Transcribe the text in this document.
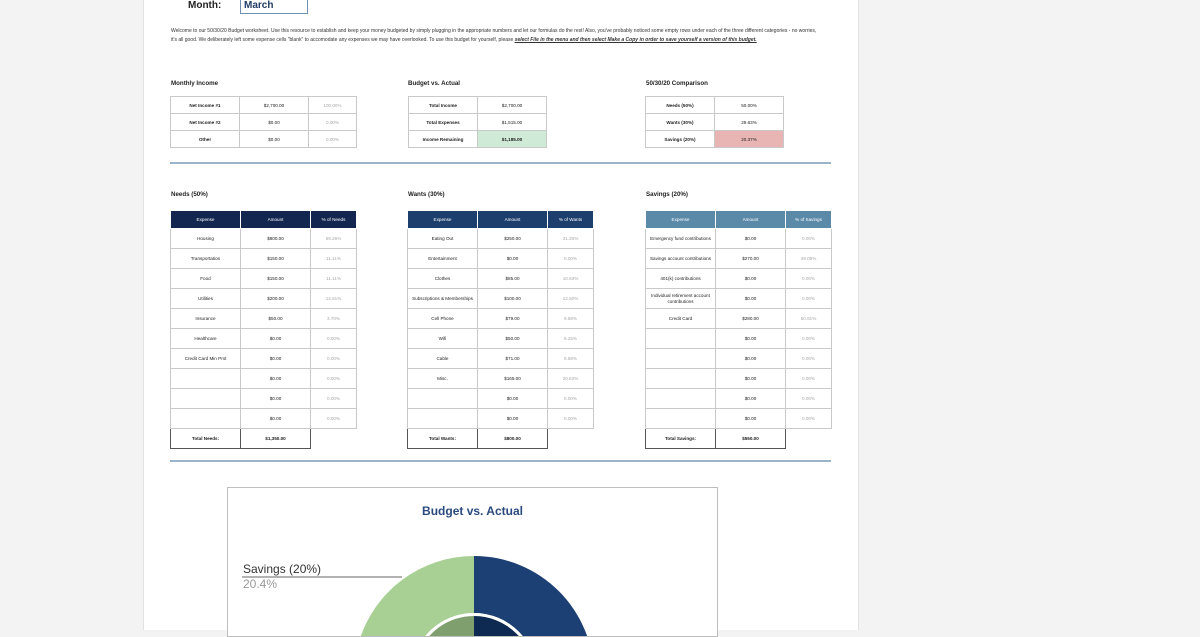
Month:	March
Welcome to our 50/30/20 Budget worksheet. Use this resource to establish and keep your money budgeted by simply plugging in the appropriate numbers and let our formulas do the rest! Also, you've probably noticed some empty rows under each of the three different categories - no worries, it's all good. We deliberately left some expense cells "blank" to accomodate any expenses we may have overlooked. To use this budget for yourself, please select File in the menu and then select Make a Copy in order to save yourself a version of this budget.
Monthly Income	Budget vs. Actual	50/30/20 Comparison
Net Income #1	$2,700.00	100.00%
Net Income #2	$0.00	0.00%
Other	$0.00	0.00%
Total Income	$2,700.00
Total Expenses	$1,515.00
Income Remaining	$1,185.00
Needs (50%)	50.00%
Wants (30%)	29.63%
Savings (20%)	20.37%
Needs (50%)	Wants (30%)	Savings (20%)
Expense	Amount	% of Needs
Housing	$800.00	59.26%
Transportation	$150.00	11.11%
Food	$150.00	11.11%
Utilities	$200.00	14.81%
Insurance	$50.00	3.70%
Healthcare	$0.00	0.00%
Credit Card Min Pmt	$0.00	0.00%
	$0.00	0.00%
	$0.00	0.00%
	$0.00	0.00%
Total Needs:	$1,350.00	
Expense	Amount	% of Wants
Eating Out	$250.00	31.25%
Entertainment	$0.00	0.00%
Clothes	$85.00	10.63%
Subscriptions & Memberships	$100.00	12.50%
Cell Phone	$79.00	9.88%
Wifi	$50.00	6.25%
Cable	$71.00	8.88%
Misc.	$165.00	20.63%
	$0.00	0.00%
	$0.00	0.00%
Total Wants:	$800.00	
Expense	Amount	% of Savings
Emergency fund contributions	$0.00	0.00%
Savings account contributions	$270.00	49.09%
401(k) contributions	$0.00	0.00%
Individual retirement account contributions	$0.00	0.00%
Credit Card	$280.00	50.91%
	$0.00	0.00%
	$0.00	0.00%
	$0.00	0.00%
	$0.00	0.00%
	$0.00	0.00%
Total Savings:	$550.00	
Budget vs. Actual
Savings (20%)
20.4%
